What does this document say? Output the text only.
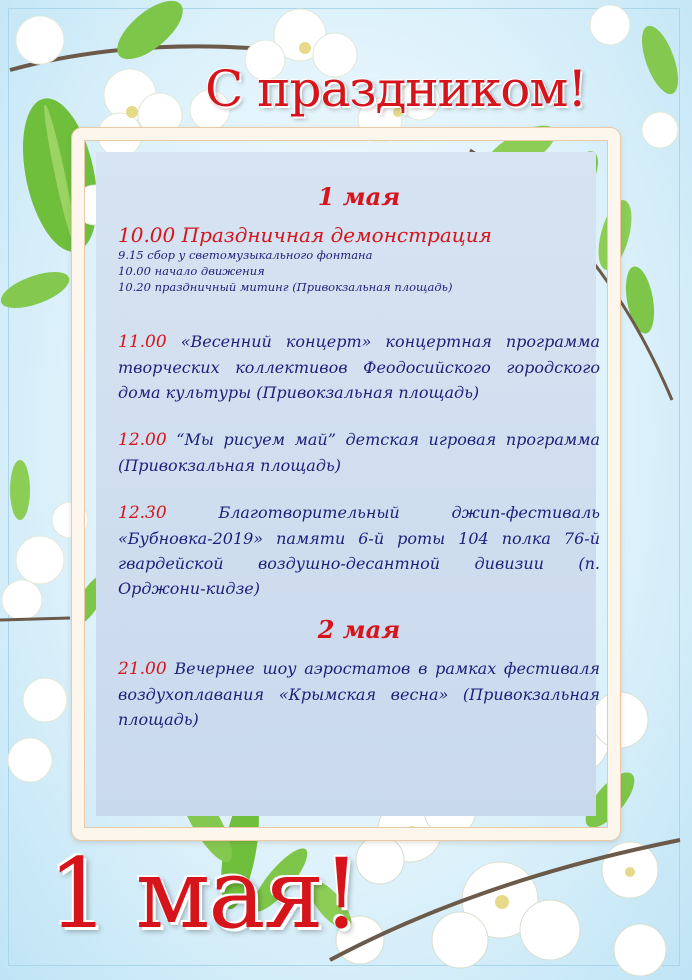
С праздником!
1 мая
10.00 Праздничная демонстрация
9.15 сбор у светомузыкального фонтана
10.00 начало движения
10.20 праздничный митинг (Привокзальная площадь)
11.00 «Весенний концерт» концертная программа творческих коллективов Феодосийского городского дома культуры (Привокзальная площадь)
12.00 “Мы рисуем май” детская игровая программа (Привокзальная площадь)
12.30	Благотворительный джип-фестиваль «Бубновка-2019» памяти 6-й роты 104 полка 76-й гвардейской воздушно-десантной дивизии (п. Орджони-кидзе)
2 мая
21.00 Вечернее шоу аэростатов в рамках фестиваля воздухоплавания «Крымская весна» (Привокзальная площадь)
1 мая!
